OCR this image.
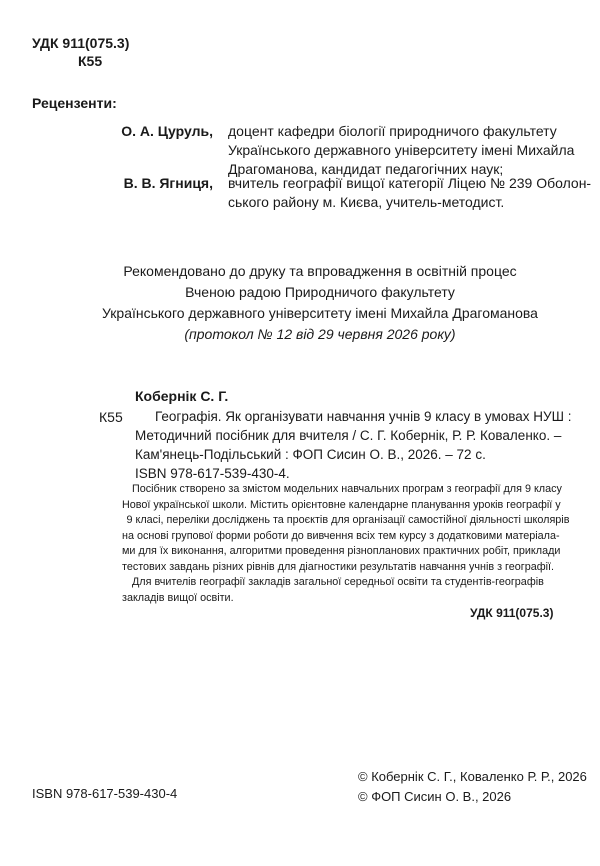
УДК 911(075.3)
К55
Рецензенти:
О. А. Цуруль, доцент кафедри біології природничого факультету
Українського державного університету імені Михайла
Драгоманова, кандидат педагогічних наук;
В. В. Ягниця, вчитель географії вищої категорії Ліцею № 239 Оболон-
ського району м. Києва, учитель-методист.
Рекомендовано до друку та впровадження в освітній процес
Вченою радою Природничого факультету
Українського державного університету імені Михайла Драгоманова
(протокол № 12 від 29 червня 2026 року)
Кобернік С. Г.
К55	Географія. Як організувати навчання учнів 9 класу в умовах НУШ :
Методичний посібник для вчителя / С. Г. Кобернік, Р. Р. Коваленко. –
Кам'янець-Подільський : ФОП Сисин О. В., 2026. – 72 с.
ISBN 978-617-539-430-4.
Посібник створено за змістом модельних навчальних програм з географії для 9 класу
Нової української школи. Містить орієнтовне календарне планування уроків географії у
9 класі, переліки досліджень та проєктів для організації самостійної діяльності школярів
на основі групової форми роботи до вивчення всіх тем курсу з додатковими матеріала-
ми для їх виконання, алгоритми проведення різнопланових практичних робіт, приклади
тестових завдань різних рівнів для діагностики результатів навчання учнів з географії.
Для вчителів географії закладів загальної середньої освіти та студентів-географів
закладів вищої освіти.
УДК 911(075.3)
ISBN 978-617-539-430-4
© Кобернік С. Г., Коваленко Р. Р., 2026
© ФОП Сисин О. В., 2026
